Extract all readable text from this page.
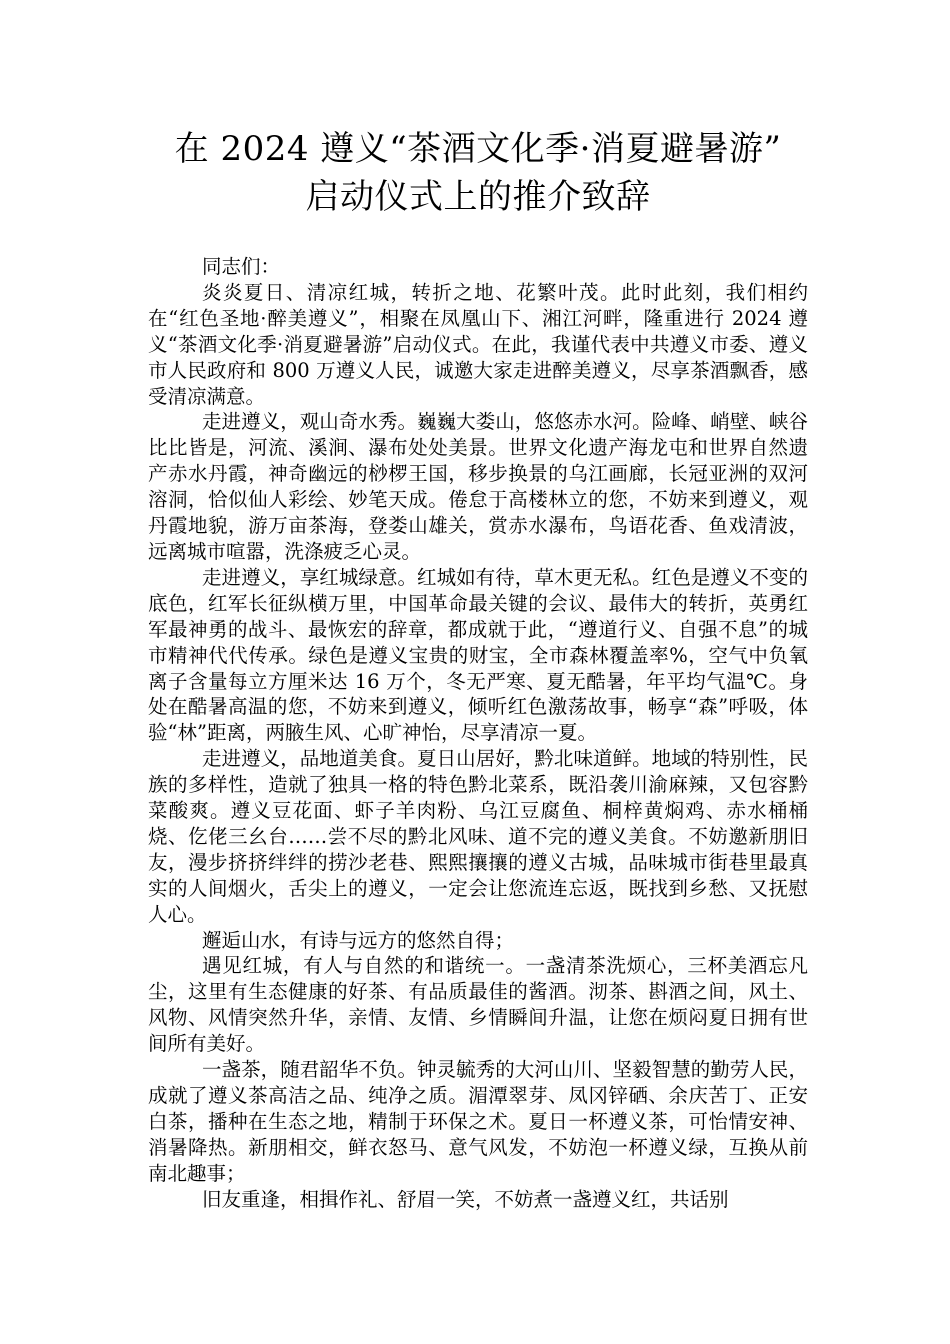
在 2024 遵义“茶酒文化季·消夏避暑游”
启动仪式上的推介致辞

同志们：

炎炎夏日、清凉红城，转折之地、花繁叶茂。此时此刻，我们相约在“红色圣地·醉美遵义”，相聚在凤凰山下、湘江河畔，隆重进行 2024 遵义“茶酒文化季·消夏避暑游”启动仪式。在此，我谨代表中共遵义市委、遵义市人民政府和 800 万遵义人民，诚邀大家走进醉美遵义，尽享茶酒飘香，感受清凉满意。

走进遵义，观山奇水秀。巍巍大娄山，悠悠赤水河。险峰、峭壁、峡谷比比皆是，河流、溪涧、瀑布处处美景。世界文化遗产海龙屯和世界自然遗产赤水丹霞，神奇幽远的桫椤王国，移步换景的乌江画廊，长冠亚洲的双河溶洞，恰似仙人彩绘、妙笔天成。倦怠于高楼林立的您，不妨来到遵义，观丹霞地貌，游万亩茶海，登娄山雄关，赏赤水瀑布，鸟语花香、鱼戏清波，远离城市喧嚣，洗涤疲乏心灵。

走进遵义，享红城绿意。红城如有待，草木更无私。红色是遵义不变的底色，红军长征纵横万里，中国革命最关键的会议、最伟大的转折，英勇红军最神勇的战斗、最恢宏的辞章，都成就于此，“遵道行义、自强不息”的城市精神代代传承。绿色是遵义宝贵的财宝，全市森林覆盖率%，空气中负氧离子含量每立方厘米达 16 万个，冬无严寒、夏无酷暑，年平均气温℃。身处在酷暑高温的您，不妨来到遵义，倾听红色激荡故事，畅享“森”呼吸，体验“林”距离，两腋生风、心旷神怡，尽享清凉一夏。

走进遵义，品地道美食。夏日山居好，黔北味道鲜。地域的特别性，民族的多样性，造就了独具一格的特色黔北菜系，既沿袭川渝麻辣，又包容黔菜酸爽。遵义豆花面、虾子羊肉粉、乌江豆腐鱼、桐梓黄焖鸡、赤水桶桶烧、仡佬三幺台……尝不尽的黔北风味、道不完的遵义美食。不妨邀新朋旧友，漫步挤挤绊绊的捞沙老巷、熙熙攘攘的遵义古城，品味城市街巷里最真实的人间烟火，舌尖上的遵义，一定会让您流连忘返，既找到乡愁、又抚慰人心。

邂逅山水，有诗与远方的悠然自得；

遇见红城，有人与自然的和谐统一。一盏清茶洗烦心，三杯美酒忘凡尘，这里有生态健康的好茶、有品质最佳的酱酒。沏茶、斟酒之间，风土、风物、风情突然升华，亲情、友情、乡情瞬间升温，让您在烦闷夏日拥有世间所有美好。

一盏茶，随君韶华不负。钟灵毓秀的大河山川、坚毅智慧的勤劳人民，成就了遵义茶高洁之品、纯净之质。湄潭翠芽、凤冈锌硒、余庆苦丁、正安白茶，播种在生态之地，精制于环保之术。夏日一杯遵义茶，可怡情安神、消暑降热。新朋相交，鲜衣怒马、意气风发，不妨泡一杯遵义绿，互换从前南北趣事；

旧友重逢，相揖作礼、舒眉一笑，不妨煮一盏遵义红，共话别
